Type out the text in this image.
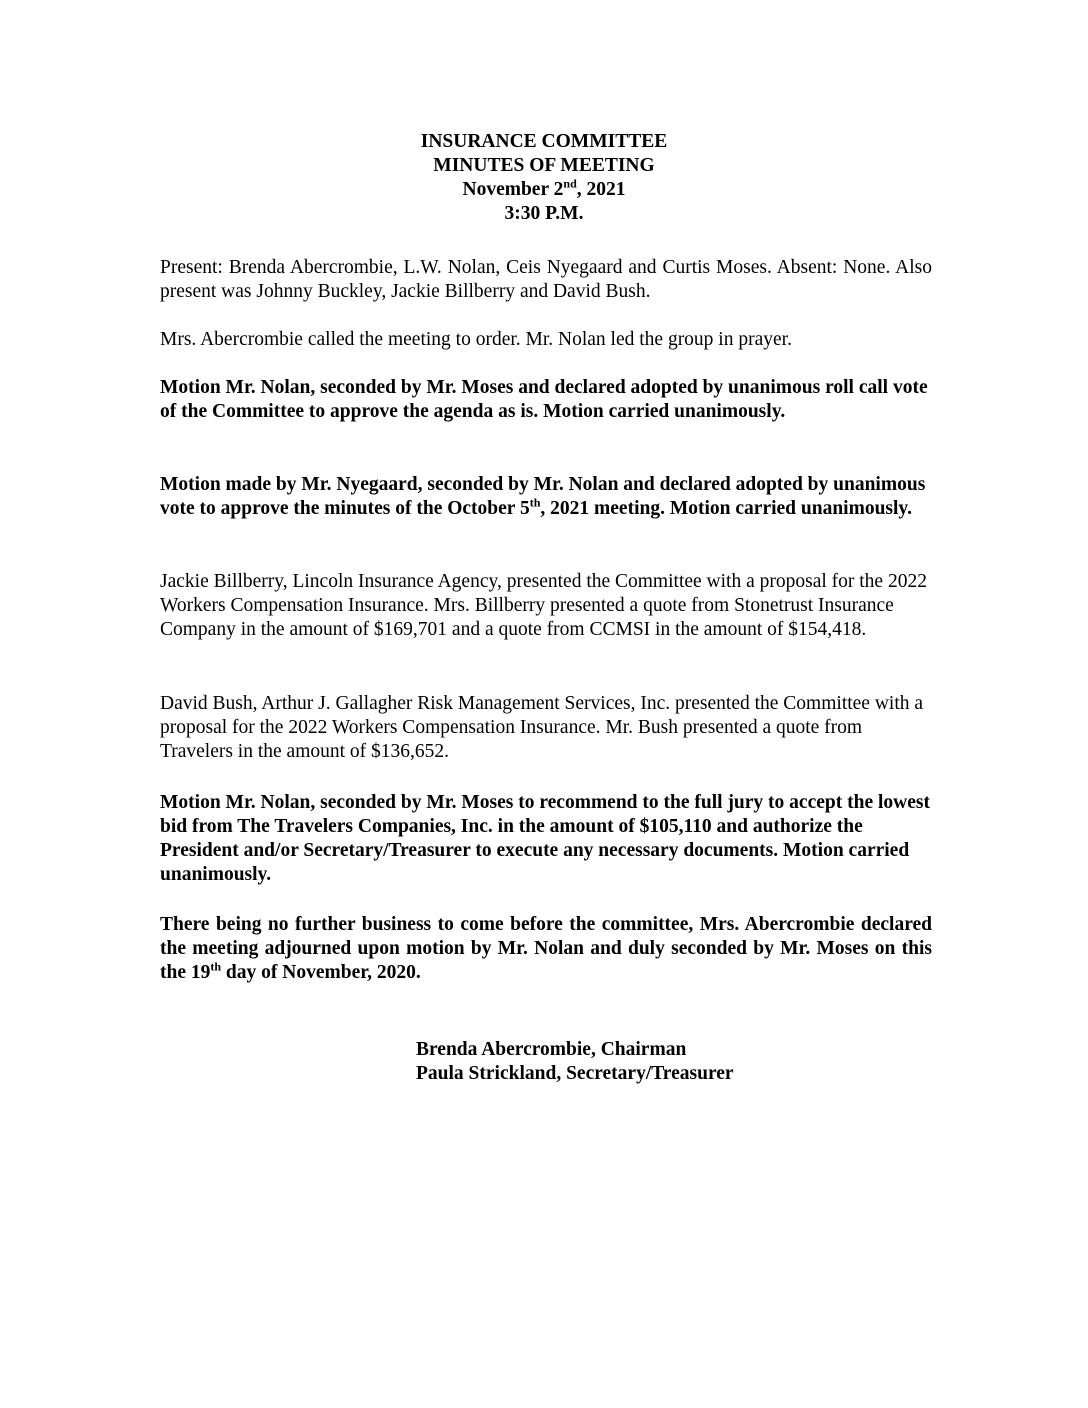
INSURANCE COMMITTEE
MINUTES OF MEETING
November 2nd, 2021
3:30 P.M.

Present: Brenda Abercrombie, L.W. Nolan, Ceis Nyegaard and Curtis Moses. Absent: None. Also present was Johnny Buckley, Jackie Billberry and David Bush.

Mrs. Abercrombie called the meeting to order. Mr. Nolan led the group in prayer.

Motion Mr. Nolan, seconded by Mr. Moses and declared adopted by unanimous roll call vote of the Committee to approve the agenda as is. Motion carried unanimously.

Motion made by Mr. Nyegaard, seconded by Mr. Nolan and declared adopted by unanimous vote to approve the minutes of the October 5th, 2021 meeting. Motion carried unanimously.

Jackie Billberry, Lincoln Insurance Agency, presented the Committee with a proposal for the 2022 Workers Compensation Insurance. Mrs. Billberry presented a quote from Stonetrust Insurance Company in the amount of $169,701 and a quote from CCMSI in the amount of $154,418.

David Bush, Arthur J. Gallagher Risk Management Services, Inc. presented the Committee with a proposal for the 2022 Workers Compensation Insurance. Mr. Bush presented a quote from Travelers in the amount of $136,652.

Motion Mr. Nolan, seconded by Mr. Moses to recommend to the full jury to accept the lowest bid from The Travelers Companies, Inc. in the amount of $105,110 and authorize the President and/or Secretary/Treasurer to execute any necessary documents. Motion carried unanimously.

There being no further business to come before the committee, Mrs. Abercrombie declared the meeting adjourned upon motion by Mr. Nolan and duly seconded by Mr. Moses on this the 19th day of November, 2020.

Brenda Abercrombie, Chairman
Paula Strickland, Secretary/Treasurer
